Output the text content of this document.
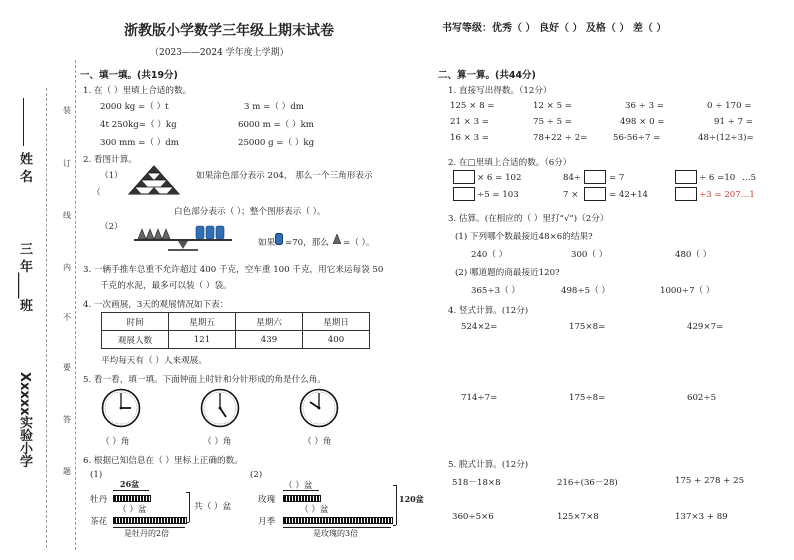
浙教版小学数学三年级上期末试卷
（2023——2024 学年度上学期）
书写等级：优秀（ ） 良好（ ） 及格（ ） 差（ ）
姓 名
三 年____班
Xxxxx实验小学
装
订
线
内
不
要
答
题
一、填一填。(共19分)
1. 在（ ）里填上合适的数。
2000 kg =（ ）t	3 m =（ ）dm
4t 250kg=（ ）kg	6000 m =（ ）km
300 mm =（ ）dm	25000 g =（ ）kg
2. 看图计算。
（1）	如果涂色部分表示 204， 那么一个三角形表示
（
白色部分表示（ ）；整个图形表示（ ）。
（2）
如果 =70，那么 =（ ）。
3. 一辆手推车总重不允许超过 400 千克，空车重 100 千克，用它来运每袋 50
千克的水泥，最多可以装（ ）袋。
4. 一次画展，3天的观展情况如下表：
时间	星期五	星期六	星期日
观展人数	121	439	400
平均每天有（ ）人来观展。
5. 看一看，填一填。下面钟面上时针和分针形成的角是什么角。
（ ）角	（ ）角	（ ）角
6. 根据已知信息在（ ）里标上正确的数。
(1)
26盆
牡丹
（ ）盆
茶花
共（ ）盆
是牡丹的2倍
(2)
（ ）盆
玫瑰
（ ）盆
月季
120盆
是玫瑰的3倍
二、算一算。(共44分)
1. 直接写出得数。（12分）
125 × 8 =	12 × 5 =	36 ÷ 3 =	0 ÷ 170 =
21 × 3 =	75 ÷ 5 =	498 × 0 =	91 ÷ 7 =
16 × 3 =	78+22 ÷ 2=	56-56÷7 =	48÷(12÷3)=
2. 在□里填上合适的数。（6分）
× 6 = 102	84÷	= 7	÷ 6 =10 …5
÷5 = 103	7 ×	= 42+14	÷3 = 207…1
3. 估算。(在相应的（ ）里打“√”)（2分）
(1) 下列哪个数最接近48×6的结果?
240（ ）	300（ ）	480（ ）
(2) 哪道题的商最接近120?
365÷3（ ）	498÷5（ ）	1000÷7（ ）
4. 竖式计算。(12分)
524×2=	175×8=	429×7=
714÷7=	175÷8=	602÷5
5. 脱式计算。(12分)
518－18×8	216÷(36－28)	175 + 278 + 25
360÷5×6	125×7×8	137×3 + 89
